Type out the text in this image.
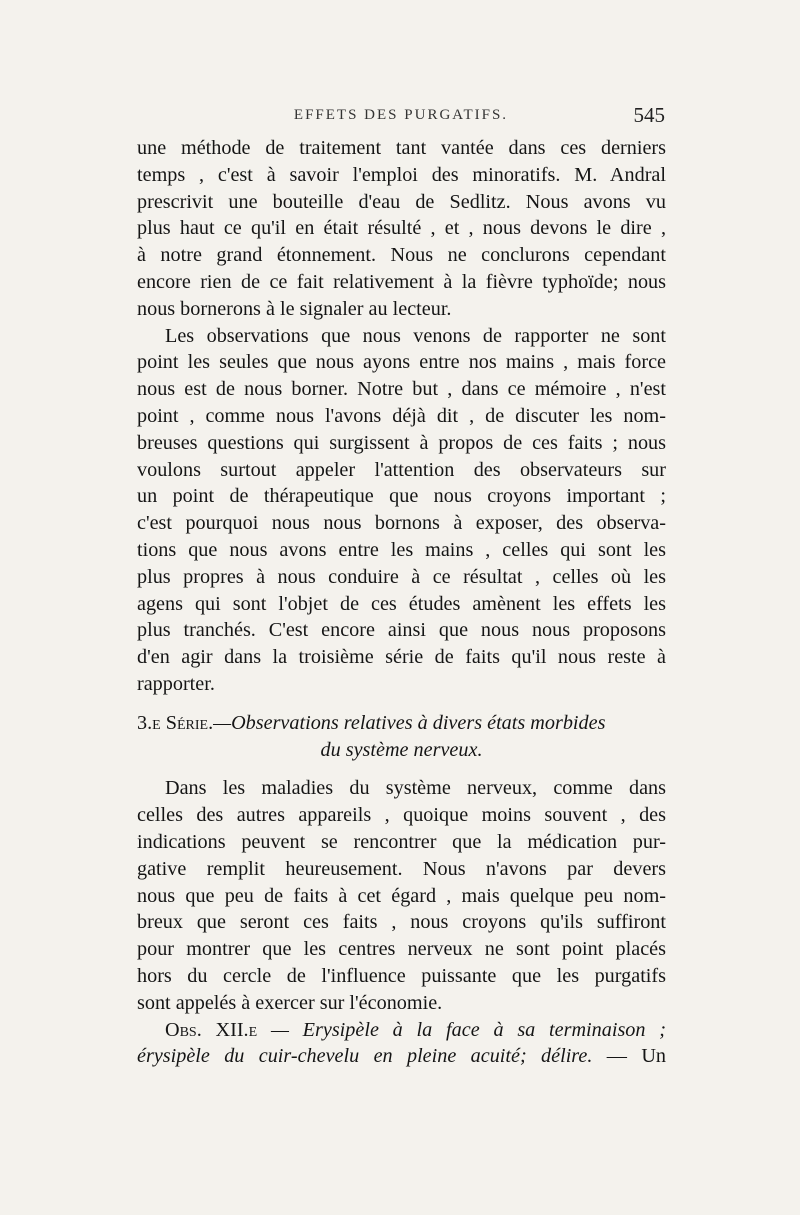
EFFETS DES PURGATIFS.	545
une méthode de traitement tant vantée dans ces derniers
temps , c'est à savoir l'emploi des minoratifs. M. Andral
prescrivit une bouteille d'eau de Sedlitz. Nous avons vu
plus haut ce qu'il en était résulté , et , nous devons le dire ,
à notre grand étonnement. Nous ne conclurons cependant
encore rien de ce fait relativement à la fièvre typhoïde; nous
nous bornerons à le signaler au lecteur.
Les observations que nous venons de rapporter ne sont
point les seules que nous ayons entre nos mains , mais force
nous est de nous borner. Notre but , dans ce mémoire , n'est
point , comme nous l'avons déjà dit , de discuter les nom-
breuses questions qui surgissent à propos de ces faits ; nous
voulons surtout appeler l'attention des observateurs sur
un point de thérapeutique que nous croyons important ;
c'est pourquoi nous nous bornons à exposer, des observa-
tions que nous avons entre les mains , celles qui sont les
plus propres à nous conduire à ce résultat , celles où les
agens qui sont l'objet de ces études amènent les effets les
plus tranchés. C'est encore ainsi que nous nous proposons
d'en agir dans la troisième série de faits qu'il nous reste à
rapporter.
3.e Série.—Observations relatives à divers états morbides
du système nerveux.
Dans les maladies du système nerveux, comme dans
celles des autres appareils , quoique moins souvent , des
indications peuvent se rencontrer que la médication pur-
gative remplit heureusement. Nous n'avons par devers
nous que peu de faits à cet égard , mais quelque peu nom-
breux que seront ces faits , nous croyons qu'ils suffiront
pour montrer que les centres nerveux ne sont point placés
hors du cercle de l'influence puissante que les purgatifs
sont appelés à exercer sur l'économie.
Obs. XII.e — Erysipèle à la face à sa terminaison ;
érysipèle du cuir-chevelu en pleine acuité; délire. — Un
